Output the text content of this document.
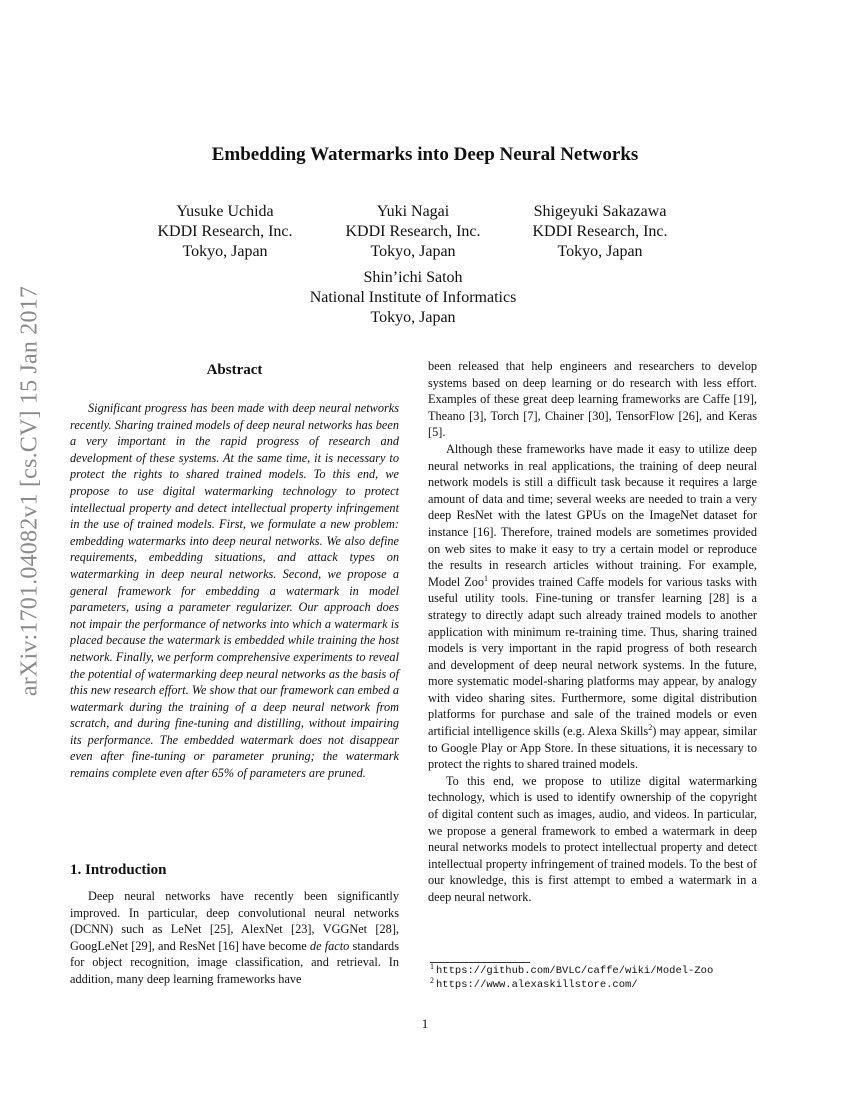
arXiv:1701.04082v1 [cs.CV] 15 Jan 2017
Embedding Watermarks into Deep Neural Networks
Yusuke Uchida
KDDI Research, Inc.
Tokyo, Japan
Yuki Nagai
KDDI Research, Inc.
Tokyo, Japan
Shigeyuki Sakazawa
KDDI Research, Inc.
Tokyo, Japan
Shin’ichi Satoh
National Institute of Informatics
Tokyo, Japan
Abstract
Significant progress has been made with deep neural networks recently. Sharing trained models of deep neural networks has been a very important in the rapid progress of research and development of these systems. At the same time, it is necessary to protect the rights to shared trained models. To this end, we propose to use digital watermarking technology to protect intellectual property and detect intellectual property infringement in the use of trained models. First, we formulate a new problem: embedding watermarks into deep neural networks. We also define requirements, embedding situations, and attack types on watermarking in deep neural networks. Second, we propose a general framework for embedding a watermark in model parameters, using a parameter regularizer. Our approach does not impair the performance of networks into which a watermark is placed because the watermark is embedded while training the host network. Finally, we perform comprehensive experiments to reveal the potential of watermarking deep neural networks as the basis of this new research effort. We show that our framework can embed a watermark during the training of a deep neural network from scratch, and during fine-tuning and distilling, without impairing its performance. The embedded watermark does not disappear even after fine-tuning or parameter pruning; the watermark remains complete even after 65% of parameters are pruned.
1. Introduction
Deep neural networks have recently been significantly improved. In particular, deep convolutional neural networks (DCNN) such as LeNet [25], AlexNet [23], VGGNet [28], GoogLeNet [29], and ResNet [16] have become de facto standards for object recognition, image classification, and retrieval. In addition, many deep learning frameworks have

been released that help engineers and researchers to develop systems based on deep learning or do research with less effort. Examples of these great deep learning frameworks are Caffe [19], Theano [3], Torch [7], Chainer [30], TensorFlow [26], and Keras [5].

Although these frameworks have made it easy to utilize deep neural networks in real applications, the training of deep neural network models is still a difficult task because it requires a large amount of data and time; several weeks are needed to train a very deep ResNet with the latest GPUs on the ImageNet dataset for instance [16]. Therefore, trained models are sometimes provided on web sites to make it easy to try a certain model or reproduce the results in research articles without training. For example, Model Zoo$^1$ provides trained Caffe models for various tasks with useful utility tools. Fine-tuning or transfer learning [28] is a strategy to directly adapt such already trained models to another application with minimum re-training time. Thus, sharing trained models is very important in the rapid progress of both research and development of deep neural network systems. In the future, more systematic model-sharing platforms may appear, by analogy with video sharing sites. Furthermore, some digital distribution platforms for purchase and sale of the trained models or even artificial intelligence skills (e.g. Alexa Skills$^2$) may appear, similar to Google Play or App Store. In these situations, it is necessary to protect the rights to shared trained models.

To this end, we propose to utilize digital watermarking technology, which is used to identify ownership of the copyright of digital content such as images, audio, and videos. In particular, we propose a general framework to embed a watermark in deep neural networks models to protect intellectual property and detect intellectual property infringement of trained models. To the best of our knowledge, this is first attempt to embed a watermark in a deep neural network.

$^1$ https://github.com/BVLC/caffe/wiki/Model-Zoo
$^2$ https://www.alexaskillstore.com/
1
